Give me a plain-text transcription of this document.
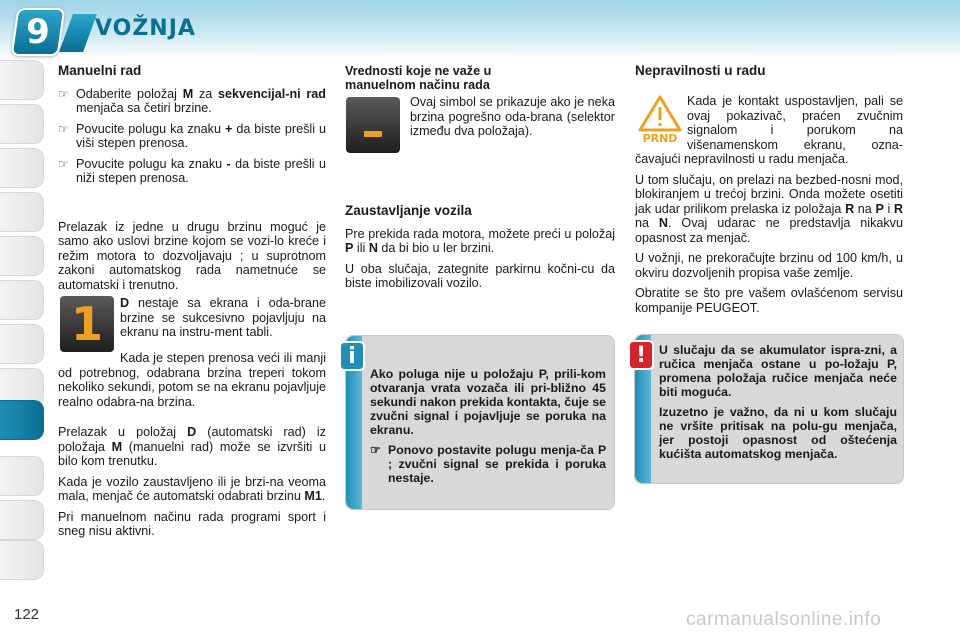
9	VOŽNJA
Manuelni rad
☞ Odaberite položaj M za sekvencijal-ni rad menjača sa četiri brzine.
☞ Povucite polugu ka znaku + da biste prešli u viši stepen prenosa.
☞ Povucite polugu ka znaku - da biste prešli u niži stepen prenosa.

Prelazak iz jedne u drugu brzinu moguć je samo ako uslovi brzine kojom se vozi-lo kreće i režim motora to dozvoljavaju ; u suprotnom zakoni automatskog rada nametnuće se automatski i trenutno.

1	D nestaje sa ekrana i oda-brane brzine se sukcesivno pojavljuju na ekranu na instru-ment tabli.

Kada je stepen prenosa veći ili manji od potrebnog, odabrana brzina treperi tokom nekoliko sekundi, potom se na ekranu pojavljuje realno odabra-na brzina.

Prelazak u položaj D (automatski rad) iz položaja M (manuelni rad) može se izvršiti u bilo kom trenutku.

Kada je vozilo zaustavljeno ili je brzi-na veoma mala, menjač će automatski odabrati brzinu M1.

Pri manuelnom načinu rada programi sport i sneg nisu aktivni.

Vrednosti koje ne važe u manuelnom načinu rada
Ovaj simbol se prikazuje ako je neka brzina pogrešno oda-brana (selektor između dva položaja).
Zaustavljanje vozila

Pre prekida rada motora, možete preći u položaj P ili N da bi bio u ler brzini.

U oba slučaja, zategnite parkirnu kočni-cu da biste imobilizovali vozilo.

i

Ako poluga nije u položaju P, prili-kom otvaranja vrata vozača ili pri-bližno 45 sekundi nakon prekida kontakta, čuje se zvučni signal i pojavljuje se poruka na ekranu.

☞ Ponovo postavite polugu menja-ča P ; zvučni signal se prekida i poruka nestaje.
Nepravilnosti u radu
PRND

Kada je kontakt uspostavljen, pali se ovaj pokazivač, praćen zvučnim signalom i porukom na višenamenskom ekranu, ozna-čavajući nepravilnosti u radu menjača.

U tom slučaju, on prelazi na bezbed-nosni mod, blokiranjem u trećoj brzini. Onda možete osetiti jak udar prilikom prelaska iz položaja R na P i R na N. Ovaj udarac ne predstavlja nikakvu opasnost za menjač.

U vožnji, ne prekoračujte brzinu od 100 km/h, u okviru dozvoljenih propisa vaše zemlje.

Obratite se što pre vašem ovlašćenom servisu kompanije PEUGEOT.

!	U slučaju da se akumulator ispra-zni, a ručica menjača ostane u po-ložaju P, promena položaja ručice menjača neće biti moguća.

Izuzetno je važno, da ni u kom slučaju ne vršite pritisak na polu-gu menjača, jer postoji opasnost od oštećenja kućišta automatskog menjača.

122	carmanualsonline.info
